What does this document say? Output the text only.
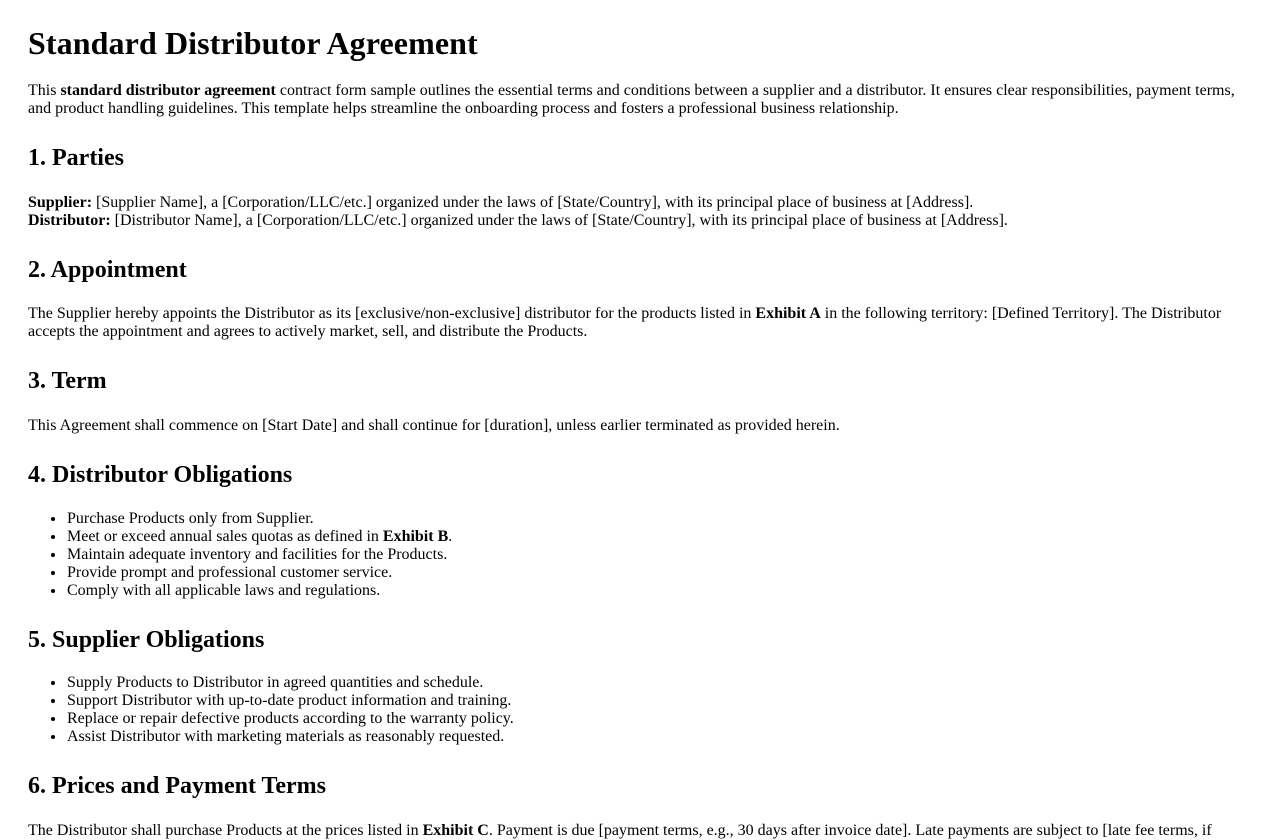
Standard Distributor Agreement

This standard distributor agreement contract form sample outlines the essential terms and conditions between a supplier and a distributor. It ensures clear responsibilities, payment terms, and product handling guidelines. This template helps streamline the onboarding process and fosters a professional business relationship.

1. Parties

Supplier: [Supplier Name], a [Corporation/LLC/etc.] organized under the laws of [State/Country], with its principal place of business at [Address].
Distributor: [Distributor Name], a [Corporation/LLC/etc.] organized under the laws of [State/Country], with its principal place of business at [Address].

2. Appointment

The Supplier hereby appoints the Distributor as its [exclusive/non-exclusive] distributor for the products listed in Exhibit A in the following territory: [Defined Territory]. The Distributor accepts the appointment and agrees to actively market, sell, and distribute the Products.

3. Term

This Agreement shall commence on [Start Date] and shall continue for [duration], unless earlier terminated as provided herein.

4. Distributor Obligations
• Purchase Products only from Supplier.
• Meet or exceed annual sales quotas as defined in Exhibit B.
• Maintain adequate inventory and facilities for the Products.
• Provide prompt and professional customer service.
• Comply with all applicable laws and regulations.
5. Supplier Obligations
• Supply Products to Distributor in agreed quantities and schedule.
• Support Distributor with up-to-date product information and training.
• Replace or repair defective products according to the warranty policy.
• Assist Distributor with marketing materials as reasonably requested.
6. Prices and Payment Terms

The Distributor shall purchase Products at the prices listed in Exhibit C. Payment is due [payment terms, e.g., 30 days after invoice date]. Late payments are subject to [late fee terms, if
